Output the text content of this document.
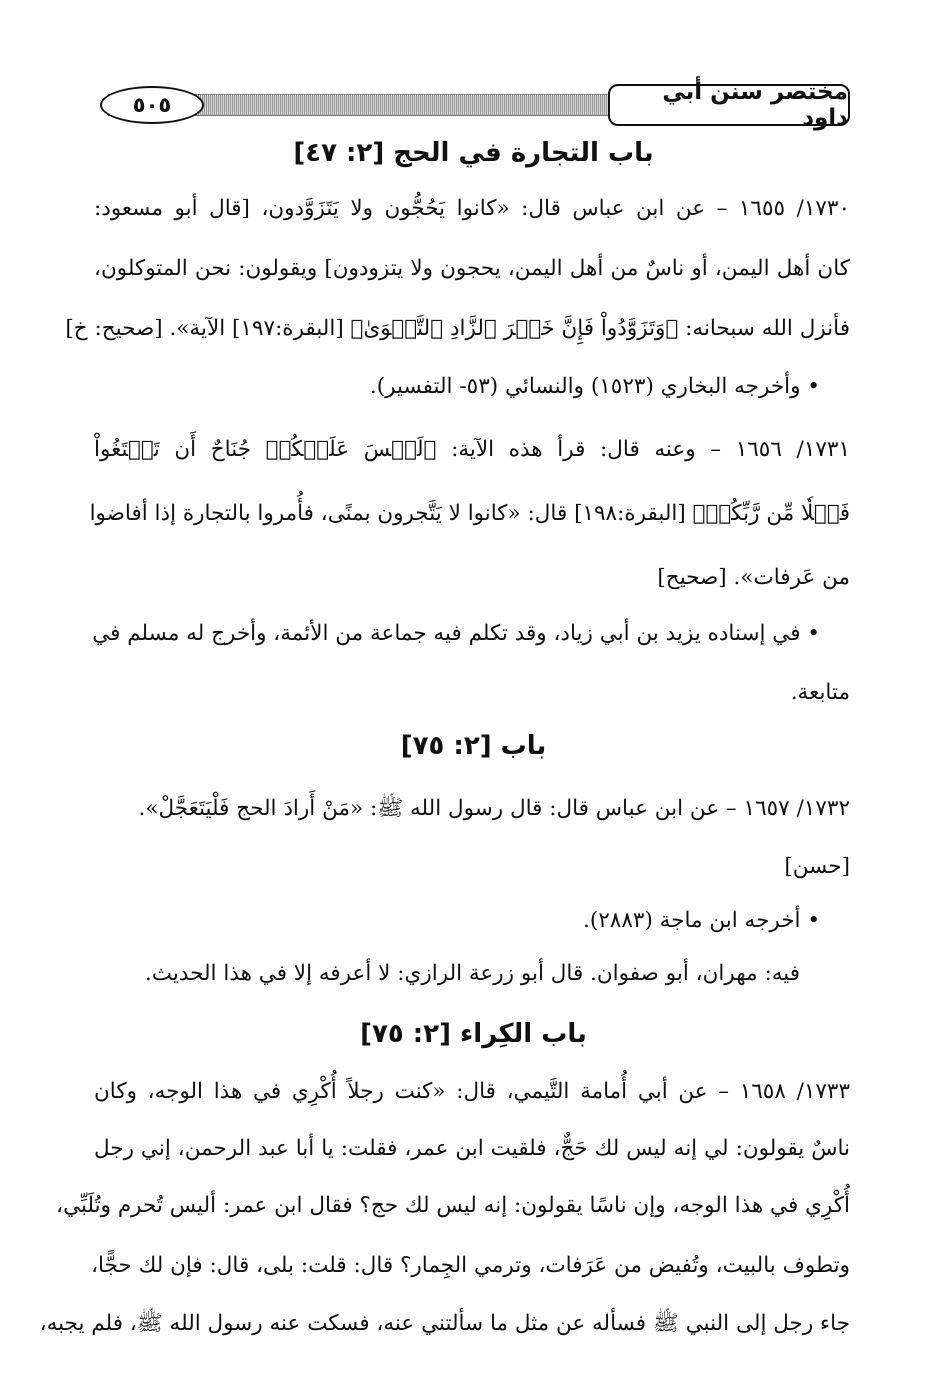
مختصر سنن أبي داود
٥٠٥
باب التجارة في الحج [٢: ٤٧]
١٧٣٠/ ١٦٥٥ – عن ابن عباس قال: «كانوا يَحُجُّون ولا يَتَزَوَّدون، [قال أبو مسعود:
كان أهل اليمن، أو ناسٌ من أهل اليمن، يحجون ولا يتزودون] ويقولون: نحن المتوكلون،
فأنزل الله سبحانه: ﴿وَتَزَوَّدُواْ فَإِنَّ خَيۡرَ ٱلزَّادِ ٱلتَّقۡوَىٰ﴾ [البقرة:١٩٧] الآية». [صحيح: خ]
• وأخرجه البخاري (١٥٢٣) والنسائي (٥٣- التفسير).
١٧٣١/ ١٦٥٦ – وعنه قال: قرأ هذه الآية: ﴿لَيۡسَ عَلَيۡكُمۡ جُنَاحٌ أَن تَبۡتَغُواْ
فَضۡلٗا مِّن رَّبِّكُمۡ﴾ [البقرة:١٩٨] قال: «كانوا لا يَتَّجرون بمنًى، فأُمروا بالتجارة إذا أفاضوا
من عَرفات». [صحيح]
• في إسناده يزيد بن أبي زياد، وقد تكلم فيه جماعة من الأئمة، وأخرج له مسلم في
متابعة.
باب [٢: ٧٥]
١٧٣٢/ ١٦٥٧ – عن ابن عباس قال: قال رسول الله ﷺ: «مَنْ أَرادَ الحج فَلْيَتَعَجَّلْ».
[حسن]
• أخرجه ابن ماجة (٢٨٨٣).
فيه: مهران، أبو صفوان. قال أبو زرعة الرازي: لا أعرفه إلا في هذا الحديث.
باب الكِراء [٢: ٧٥]
١٧٣٣/ ١٦٥٨ – عن أبي أُمامة التَّيمي، قال: «كنت رجلاً أُكْرِي في هذا الوجه، وكان
ناسٌ يقولون: لي إنه ليس لك حَجٌّ، فلقيت ابن عمر، فقلت: يا أبا عبد الرحمن، إني رجل
أُكْرِي في هذا الوجه، وإن ناسًا يقولون: إنه ليس لك حج؟ فقال ابن عمر: أليس تُحرم وتُلَبِّي،
وتطوف بالبيت، وتُفيض من عَرَفات، وترمي الجِمار؟ قال: قلت: بلى، قال: فإن لك حجًّا،
جاء رجل إلى النبي ﷺ فسأله عن مثل ما سألتني عنه، فسكت عنه رسول الله ﷺ، فلم يجبه،
